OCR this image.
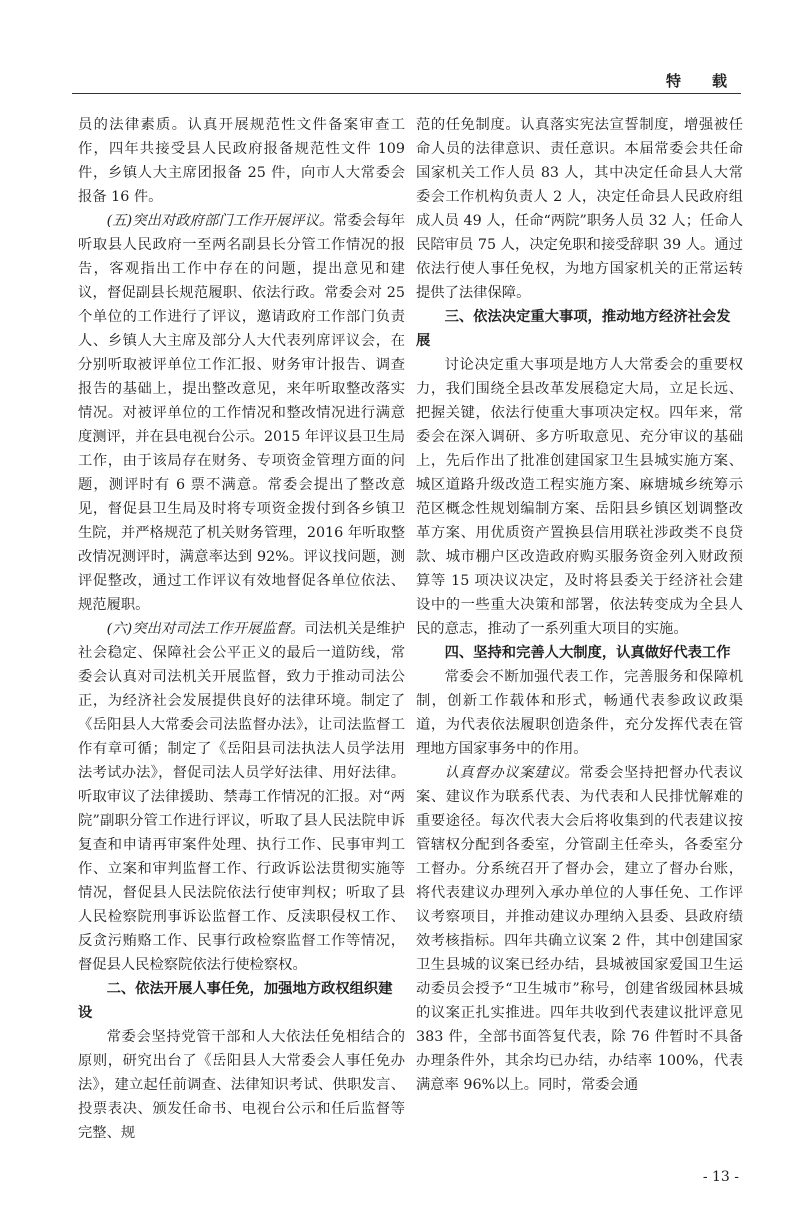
特　载

员的法律素质。认真开展规范性文件备案审查工作，四年共接受县人民政府报备规范性文件 109 件，乡镇人大主席团报备 25 件，向市人大常委会报备 16 件。

(五)突出对政府部门工作开展评议。常委会每年听取县人民政府一至两名副县长分管工作情况的报告，客观指出工作中存在的问题，提出意见和建议，督促副县长规范履职、依法行政。常委会对 25 个单位的工作进行了评议，邀请政府工作部门负责人、乡镇人大主席及部分人大代表列席评议会，在分别听取被评单位工作汇报、财务审计报告、调查报告的基础上，提出整改意见，来年听取整改落实情况。对被评单位的工作情况和整改情况进行满意度测评，并在县电视台公示。2015 年评议县卫生局工作，由于该局存在财务、专项资金管理方面的问题，测评时有 6 票不满意。常委会提出了整改意见，督促县卫生局及时将专项资金拨付到各乡镇卫生院，并严格规范了机关财务管理，2016 年听取整改情况测评时，满意率达到 92%。评议找问题，测评促整改，通过工作评议有效地督促各单位依法、规范履职。

(六)突出对司法工作开展监督。司法机关是维护社会稳定、保障社会公平正义的最后一道防线，常委会认真对司法机关开展监督，致力于推动司法公正，为经济社会发展提供良好的法律环境。制定了《岳阳县人大常委会司法监督办法》，让司法监督工作有章可循；制定了《岳阳县司法执法人员学法用法考试办法》，督促司法人员学好法律、用好法律。听取审议了法律援助、禁毒工作情况的汇报。对“两院”副职分管工作进行评议，听取了县人民法院申诉复查和申请再审案件处理、执行工作、民事审判工作、立案和审判监督工作、行政诉讼法贯彻实施等情况，督促县人民法院依法行使审判权；听取了县人民检察院刑事诉讼监督工作、反渎职侵权工作、反贪污贿赂工作、民事行政检察监督工作等情况，督促县人民检察院依法行使检察权。

二、依法开展人事任免，加强地方政权组织建设

常委会坚持党管干部和人大依法任免相结合的原则，研究出台了《岳阳县人大常委会人事任免办法》，建立起任前调查、法律知识考试、供职发言、投票表决、颁发任命书、电视台公示和任后监督等完整、规

范的任免制度。认真落实宪法宣誓制度，增强被任命人员的法律意识、责任意识。本届常委会共任命国家机关工作人员 83 人，其中决定任命县人大常委会工作机构负责人 2 人，决定任命县人民政府组成人员 49 人，任命“两院”职务人员 32 人；任命人民陪审员 75 人，决定免职和接受辞职 39 人。通过依法行使人事任免权，为地方国家机关的正常运转提供了法律保障。

三、依法决定重大事项，推动地方经济社会发展

讨论决定重大事项是地方人大常委会的重要权力，我们围绕全县改革发展稳定大局，立足长远、把握关键，依法行使重大事项决定权。四年来，常委会在深入调研、多方听取意见、充分审议的基础上，先后作出了批准创建国家卫生县城实施方案、城区道路升级改造工程实施方案、麻塘城乡统筹示范区概念性规划编制方案、岳阳县乡镇区划调整改革方案、用优质资产置换县信用联社涉政类不良贷款、城市棚户区改造政府购买服务资金列入财政预算等 15 项决议决定，及时将县委关于经济社会建设中的一些重大决策和部署，依法转变成为全县人民的意志，推动了一系列重大项目的实施。

四、坚持和完善人大制度，认真做好代表工作

常委会不断加强代表工作，完善服务和保障机制，创新工作载体和形式，畅通代表参政议政渠道，为代表依法履职创造条件，充分发挥代表在管理地方国家事务中的作用。

认真督办议案建议。常委会坚持把督办代表议案、建议作为联系代表、为代表和人民排忧解难的重要途径。每次代表大会后将收集到的代表建议按管辖权分配到各委室，分管副主任牵头，各委室分工督办。分系统召开了督办会，建立了督办台账，将代表建议办理列入承办单位的人事任免、工作评议考察项目，并推动建议办理纳入县委、县政府绩效考核指标。四年共确立议案 2 件，其中创建国家卫生县城的议案已经办结，县城被国家爱国卫生运动委员会授予“卫生城市”称号，创建省级园林县城的议案正扎实推进。四年共收到代表建议批评意见 383 件，全部书面答复代表，除 76 件暂时不具备办理条件外，其余均已办结，办结率 100%，代表满意率 96%以上。同时，常委会通

- 13 -
